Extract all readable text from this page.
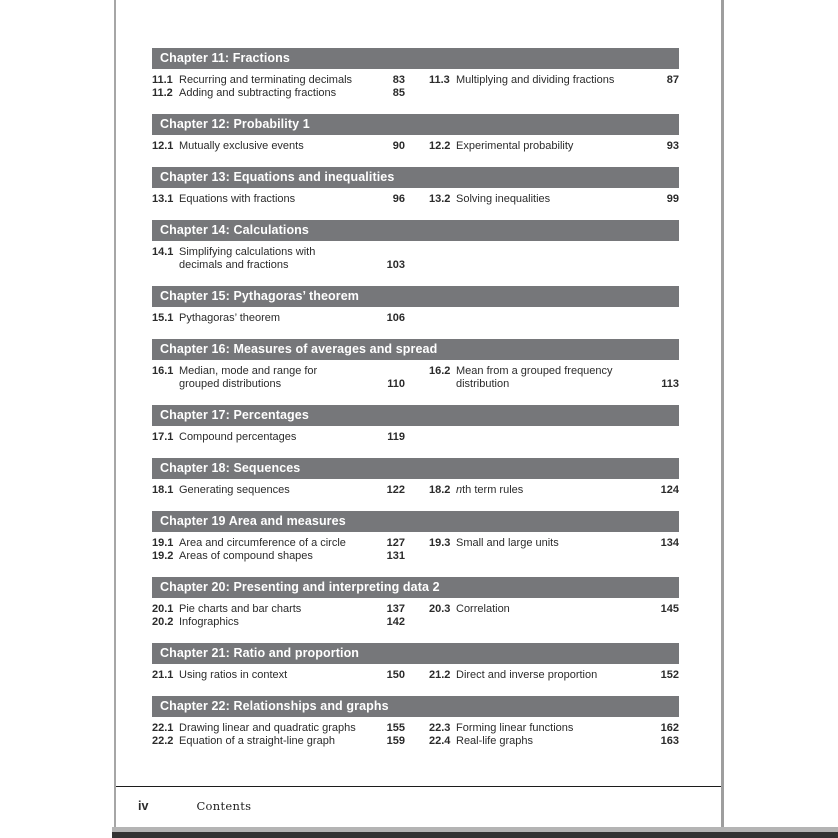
Chapter 11: Fractions
11.1 Recurring and terminating decimals	83
11.2 Adding and subtracting fractions	85
11.3 Multiplying and dividing fractions	87
Chapter 12: Probability 1
12.1 Mutually exclusive events	90 12.2 Experimental probability	93
Chapter 13: Equations and inequalities
13.1 Equations with fractions	96 13.2 Solving inequalities	99
Chapter 14: Calculations
14.1 Simplifying calculations with
decimals and fractions	103
Chapter 15: Pythagoras’ theorem
15.1 Pythagoras’ theorem	106
Chapter 16: Measures of averages and spread
16.1 Median, mode and range for
grouped distributions	110
16.2 Mean from a grouped frequency
distribution	113
Chapter 17: Percentages
17.1 Compound percentages	119
Chapter 18: Sequences
18.1 Generating sequences	122 18.2 nth term rules	124
Chapter 19 Area and measures
19.1 Area and circumference of a circle	127
19.2 Areas of compound shapes	131
19.3 Small and large units	134
Chapter 20: Presenting and interpreting data 2
20.1 Pie charts and bar charts	137
20.2 Infographics	142
20.3 Correlation	145
Chapter 21: Ratio and proportion
21.1 Using ratios in context	150 21.2 Direct and inverse proportion	152
Chapter 22: Relationships and graphs
22.1 Drawing linear and quadratic graphs	155
22.2 Equation of a straight-line graph	159
22.3 Forming linear functions	162
22.4 Real-life graphs	163
iv	Contents
